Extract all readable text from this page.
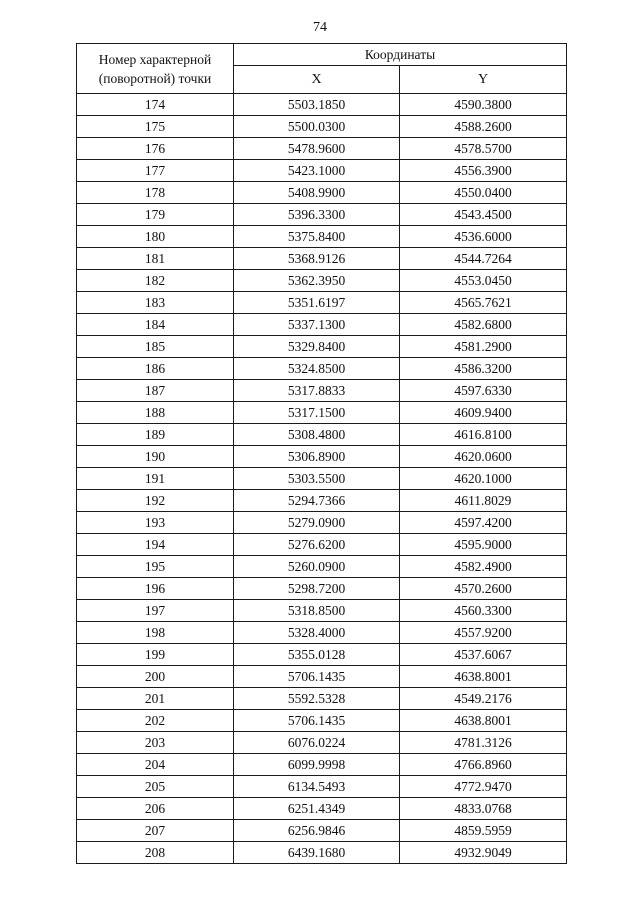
74
Номер характерной
(поворотной) точки	Координаты	
	X	Y
174	5503.1850	4590.3800
175	5500.0300	4588.2600
176	5478.9600	4578.5700
177	5423.1000	4556.3900
178	5408.9900	4550.0400
179	5396.3300	4543.4500
180	5375.8400	4536.6000
181	5368.9126	4544.7264
182	5362.3950	4553.0450
183	5351.6197	4565.7621
184	5337.1300	4582.6800
185	5329.8400	4581.2900
186	5324.8500	4586.3200
187	5317.8833	4597.6330
188	5317.1500	4609.9400
189	5308.4800	4616.8100
190	5306.8900	4620.0600
191	5303.5500	4620.1000
192	5294.7366	4611.8029
193	5279.0900	4597.4200
194	5276.6200	4595.9000
195	5260.0900	4582.4900
196	5298.7200	4570.2600
197	5318.8500	4560.3300
198	5328.4000	4557.9200
199	5355.0128	4537.6067
200	5706.1435	4638.8001
201	5592.5328	4549.2176
202	5706.1435	4638.8001
203	6076.0224	4781.3126
204	6099.9998	4766.8960
205	6134.5493	4772.9470
206	6251.4349	4833.0768
207	6256.9846	4859.5959
208	6439.1680	4932.9049
